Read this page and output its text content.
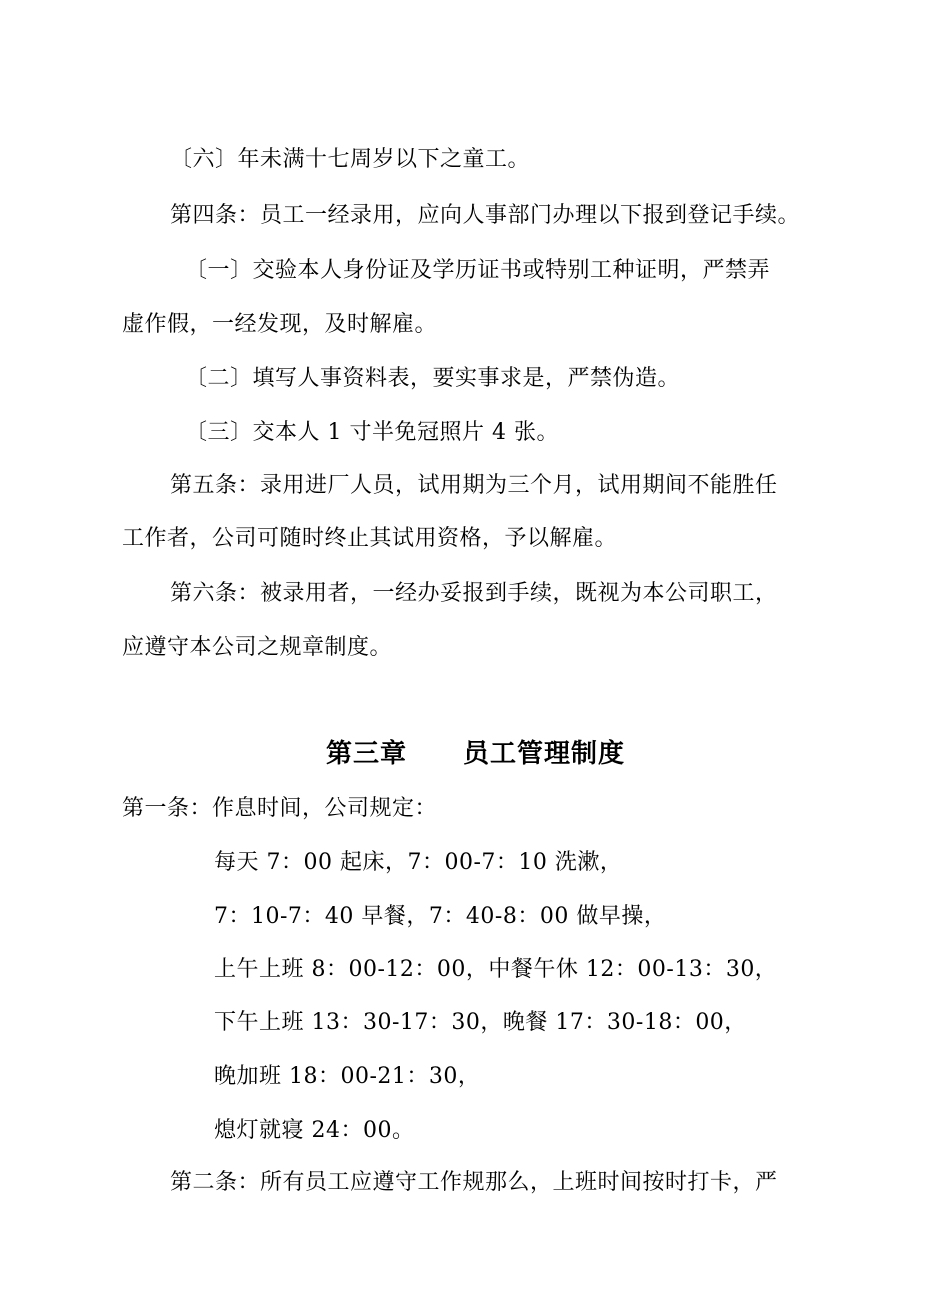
〔六〕年未满十七周岁以下之童工。
第四条：员工一经录用，应向人事部门办理以下报到登记手续。
〔一〕交验本人身份证及学历证书或特别工种证明，严禁弄
虚作假，一经发现，及时解雇。
〔二〕填写人事资料表，要实事求是，严禁伪造。
〔三〕交本人 1 寸半免冠照片 4 张。
第五条：录用进厂人员，试用期为三个月，试用期间不能胜任
工作者，公司可随时终止其试用资格，予以解雇。
第六条：被录用者，一经办妥报到手续，既视为本公司职工，
应遵守本公司之规章制度。
第三章 员工管理制度
第一条：作息时间，公司规定：
每天 7：00 起床，7：00-7：10 洗漱，
7：10-7：40 早餐，7：40-8：00 做早操，
上午上班 8：00-12：00，中餐午休 12：00-13：30，
下午上班 13：30-17：30，晚餐 17：30-18：00，
晚加班 18：00-21：30，
熄灯就寝 24：00。
第二条：所有员工应遵守工作规那么，上班时间按时打卡，严
